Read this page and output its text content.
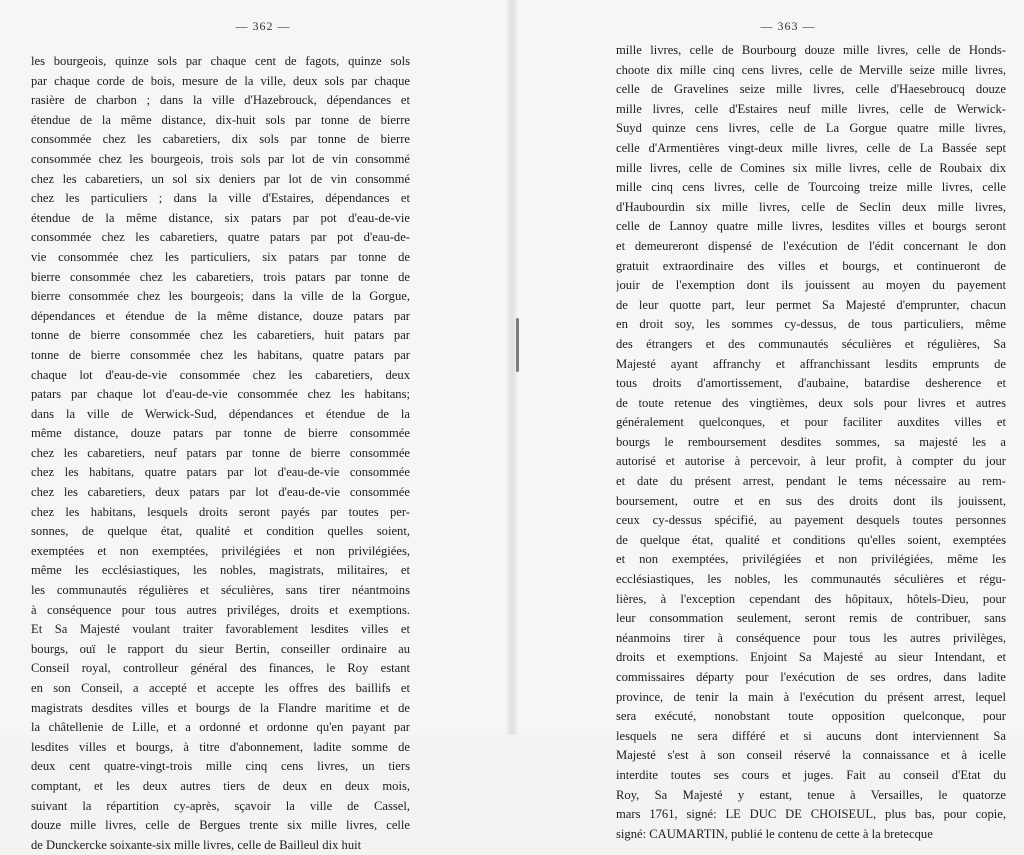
— 362 —
les bourgeois, quinze sols par chaque cent de fagots, quinze sols
par chaque corde de bois, mesure de la ville, deux sols par chaque
rasière de charbon ; dans la ville d'Hazebrouck, dépendances et
étendue de la même distance, dix-huit sols par tonne de bierre
consommée chez les cabaretiers, dix sols par tonne de bierre
consommée chez les bourgeois, trois sols par lot de vin consommé
chez les cabaretiers, un sol six deniers par lot de vin consommé
chez les particuliers ; dans la ville d'Estaires, dépendances et
étendue de la même distance, six patars par pot d'eau-de-vie
consommée chez les cabaretiers, quatre patars par pot d'eau-de-
vie consommée chez les particuliers, six patars par tonne de
bierre consommée chez les cabaretiers, trois patars par tonne de
bierre consommée chez les bourgeois; dans la ville de la Gorgue,
dépendances et étendue de la même distance, douze patars par
tonne de bierre consommée chez les cabaretiers, huit patars par
tonne de bierre consommée chez les habitans, quatre patars par
chaque lot d'eau-de-vie consommée chez les cabaretiers, deux
patars par chaque lot d'eau-de-vie consommée chez les habitans;
dans la ville de Werwick-Sud, dépendances et étendue de la
même distance, douze patars par tonne de bierre consommée
chez les cabaretiers, neuf patars par tonne de bierre consommée
chez les habitans, quatre patars par lot d'eau-de-vie consommée
chez les cabaretiers, deux patars par lot d'eau-de-vie consommée
chez les habitans, lesquels droits seront payés par toutes per-
sonnes, de quelque état, qualité et condition quelles soient,
exemptées et non exemptées, privilégiées et non privilégiées,
même les ecclésiastiques, les nobles, magistrats, militaires, et
les communautés régulières et séculières, sans tirer néantmoins
à conséquence pour tous autres priviléges, droits et exemptions.
Et Sa Majesté voulant traiter favorablement lesdites villes et
bourgs, ouï le rapport du sieur Bertin, conseiller ordinaire au
Conseil royal, controlleur général des finances, le Roy estant
en son Conseil, a accepté et accepte les offres des baillifs et
magistrats desdites villes et bourgs de la Flandre maritime et de
la châtellenie de Lille, et a ordonné et ordonne qu'en payant par
lesdites villes et bourgs, à titre d'abonnement, ladite somme de
deux cent quatre-vingt-trois mille cinq cens livres, un tiers
comptant, et les deux autres tiers de deux en deux mois,
suivant la répartition cy-après, sçavoir la ville de Cassel,
douze mille livres, celle de Bergues trente six mille livres, celle
de Dunckercke soixante-six mille livres, celle de Bailleul dix huit
— 363 —
mille livres, celle de Bourbourg douze mille livres, celle de Honds-
choote dix mille cinq cens livres, celle de Merville seize mille livres,
celle de Gravelines seize mille livres, celle d'Haesebroucq douze
mille livres, celle d'Estaires neuf mille livres, celle de Werwick-
Suyd quinze cens livres, celle de La Gorgue quatre mille livres,
celle d'Armentières vingt-deux mille livres, celle de La Bassée sept
mille livres, celle de Comines six mille livres, celle de Roubaix dix
mille cinq cens livres, celle de Tourcoing treize mille livres, celle
d'Haubourdin six mille livres, celle de Seclin deux mille livres,
celle de Lannoy quatre mille livres, lesdites villes et bourgs seront
et demeureront dispensé de l'exécution de l'édit concernant le don
gratuit extraordinaire des villes et bourgs, et continueront de
jouir de l'exemption dont ils jouissent au moyen du payement
de leur quotte part, leur permet Sa Majesté d'emprunter, chacun
en droit soy, les sommes cy-dessus, de tous particuliers, même
des étrangers et des communautés séculières et régulières, Sa
Majesté ayant affranchy et affranchissant lesdits emprunts de
tous droits d'amortissement, d'aubaine, batardise desherence et
de toute retenue des vingtièmes, deux sols pour livres et autres
généralement quelconques, et pour faciliter auxdites villes et
bourgs le remboursement desdites sommes, sa majesté les a
autorisé et autorise à percevoir, à leur profit, à compter du jour
et date du présent arrest, pendant le tems nécessaire au rem-
boursement, outre et en sus des droits dont ils jouissent,
ceux cy-dessus spécifié, au payement desquels toutes personnes
de quelque état, qualité et conditions qu'elles soient, exemptées
et non exemptées, privilégiées et non privilégiées, même les
ecclésiastiques, les nobles, les communautés séculières et régu-
lières, à l'exception cependant des hôpitaux, hôtels-Dieu, pour
leur consommation seulement, seront remis de contribuer, sans
néanmoins tirer à conséquence pour tous les autres privilèges,
droits et exemptions. Enjoint Sa Majesté au sieur Intendant, et
commissaires départy pour l'exécution de ses ordres, dans ladite
province, de tenir la main à l'exécution du présent arrest, lequel
sera exécuté, nonobstant toute opposition quelconque, pour
lesquels ne sera différé et si aucuns dont interviennent Sa
Majesté s'est à son conseil réservé la connaissance et à icelle
interdite toutes ses cours et juges. Fait au conseil d'Etat du
Roy, Sa Majesté y estant, tenue à Versailles, le quatorze
mars 1761, signé: LE DUC DE CHOISEUL, plus bas, pour copie,
signé: CAUMARTIN, publié le contenu de cette à la bretecque
